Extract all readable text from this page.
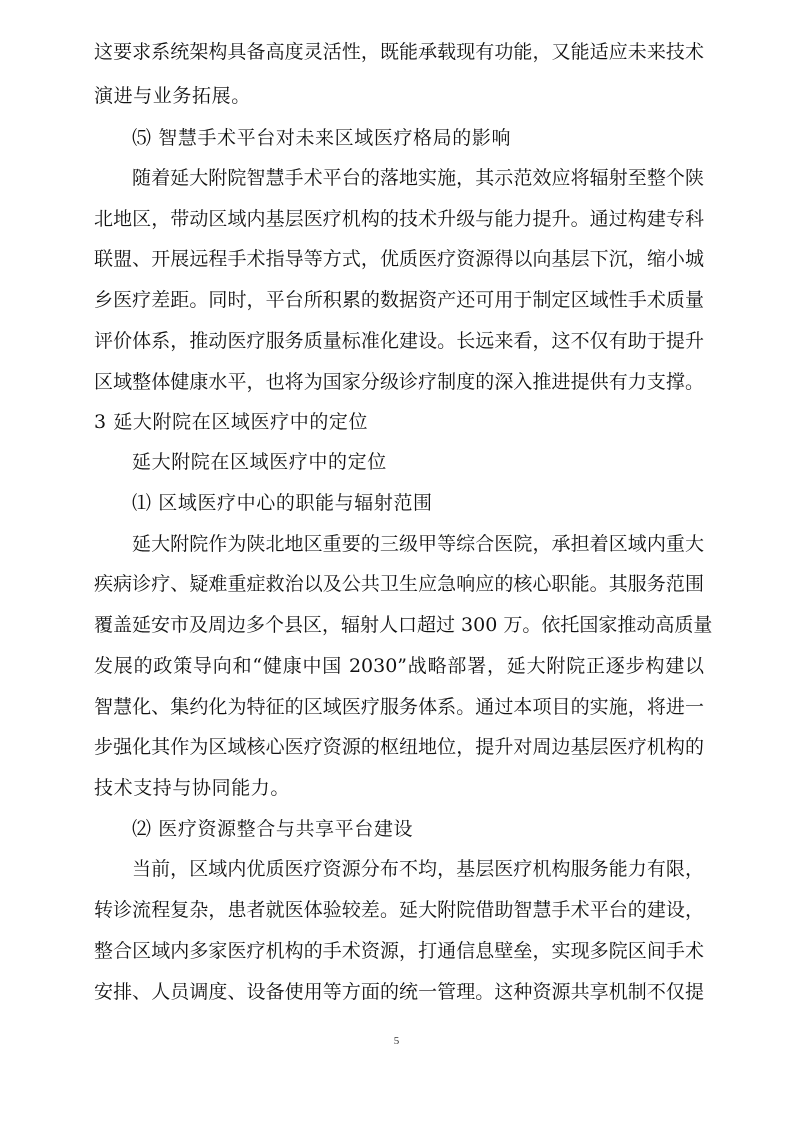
这要求系统架构具备高度灵活性，既能承载现有功能，又能适应未来技术
演进与业务拓展。
⑸ 智慧手术平台对未来区域医疗格局的影响
随着延大附院智慧手术平台的落地实施，其示范效应将辐射至整个陕
北地区，带动区域内基层医疗机构的技术升级与能力提升。通过构建专科
联盟、开展远程手术指导等方式，优质医疗资源得以向基层下沉，缩小城
乡医疗差距。同时，平台所积累的数据资产还可用于制定区域性手术质量
评价体系，推动医疗服务质量标准化建设。长远来看，这不仅有助于提升
区域整体健康水平，也将为国家分级诊疗制度的深入推进提供有力支撑。
3 延大附院在区域医疗中的定位
延大附院在区域医疗中的定位
⑴ 区域医疗中心的职能与辐射范围
延大附院作为陕北地区重要的三级甲等综合医院，承担着区域内重大
疾病诊疗、疑难重症救治以及公共卫生应急响应的核心职能。其服务范围
覆盖延安市及周边多个县区，辐射人口超过 300 万。依托国家推动高质量
发展的政策导向和“健康中国 2030”战略部署，延大附院正逐步构建以
智慧化、集约化为特征的区域医疗服务体系。通过本项目的实施，将进一
步强化其作为区域核心医疗资源的枢纽地位，提升对周边基层医疗机构的
技术支持与协同能力。
⑵ 医疗资源整合与共享平台建设
当前，区域内优质医疗资源分布不均，基层医疗机构服务能力有限，
转诊流程复杂，患者就医体验较差。延大附院借助智慧手术平台的建设，
整合区域内多家医疗机构的手术资源，打通信息壁垒，实现多院区间手术
安排、人员调度、设备使用等方面的统一管理。这种资源共享机制不仅提
5
